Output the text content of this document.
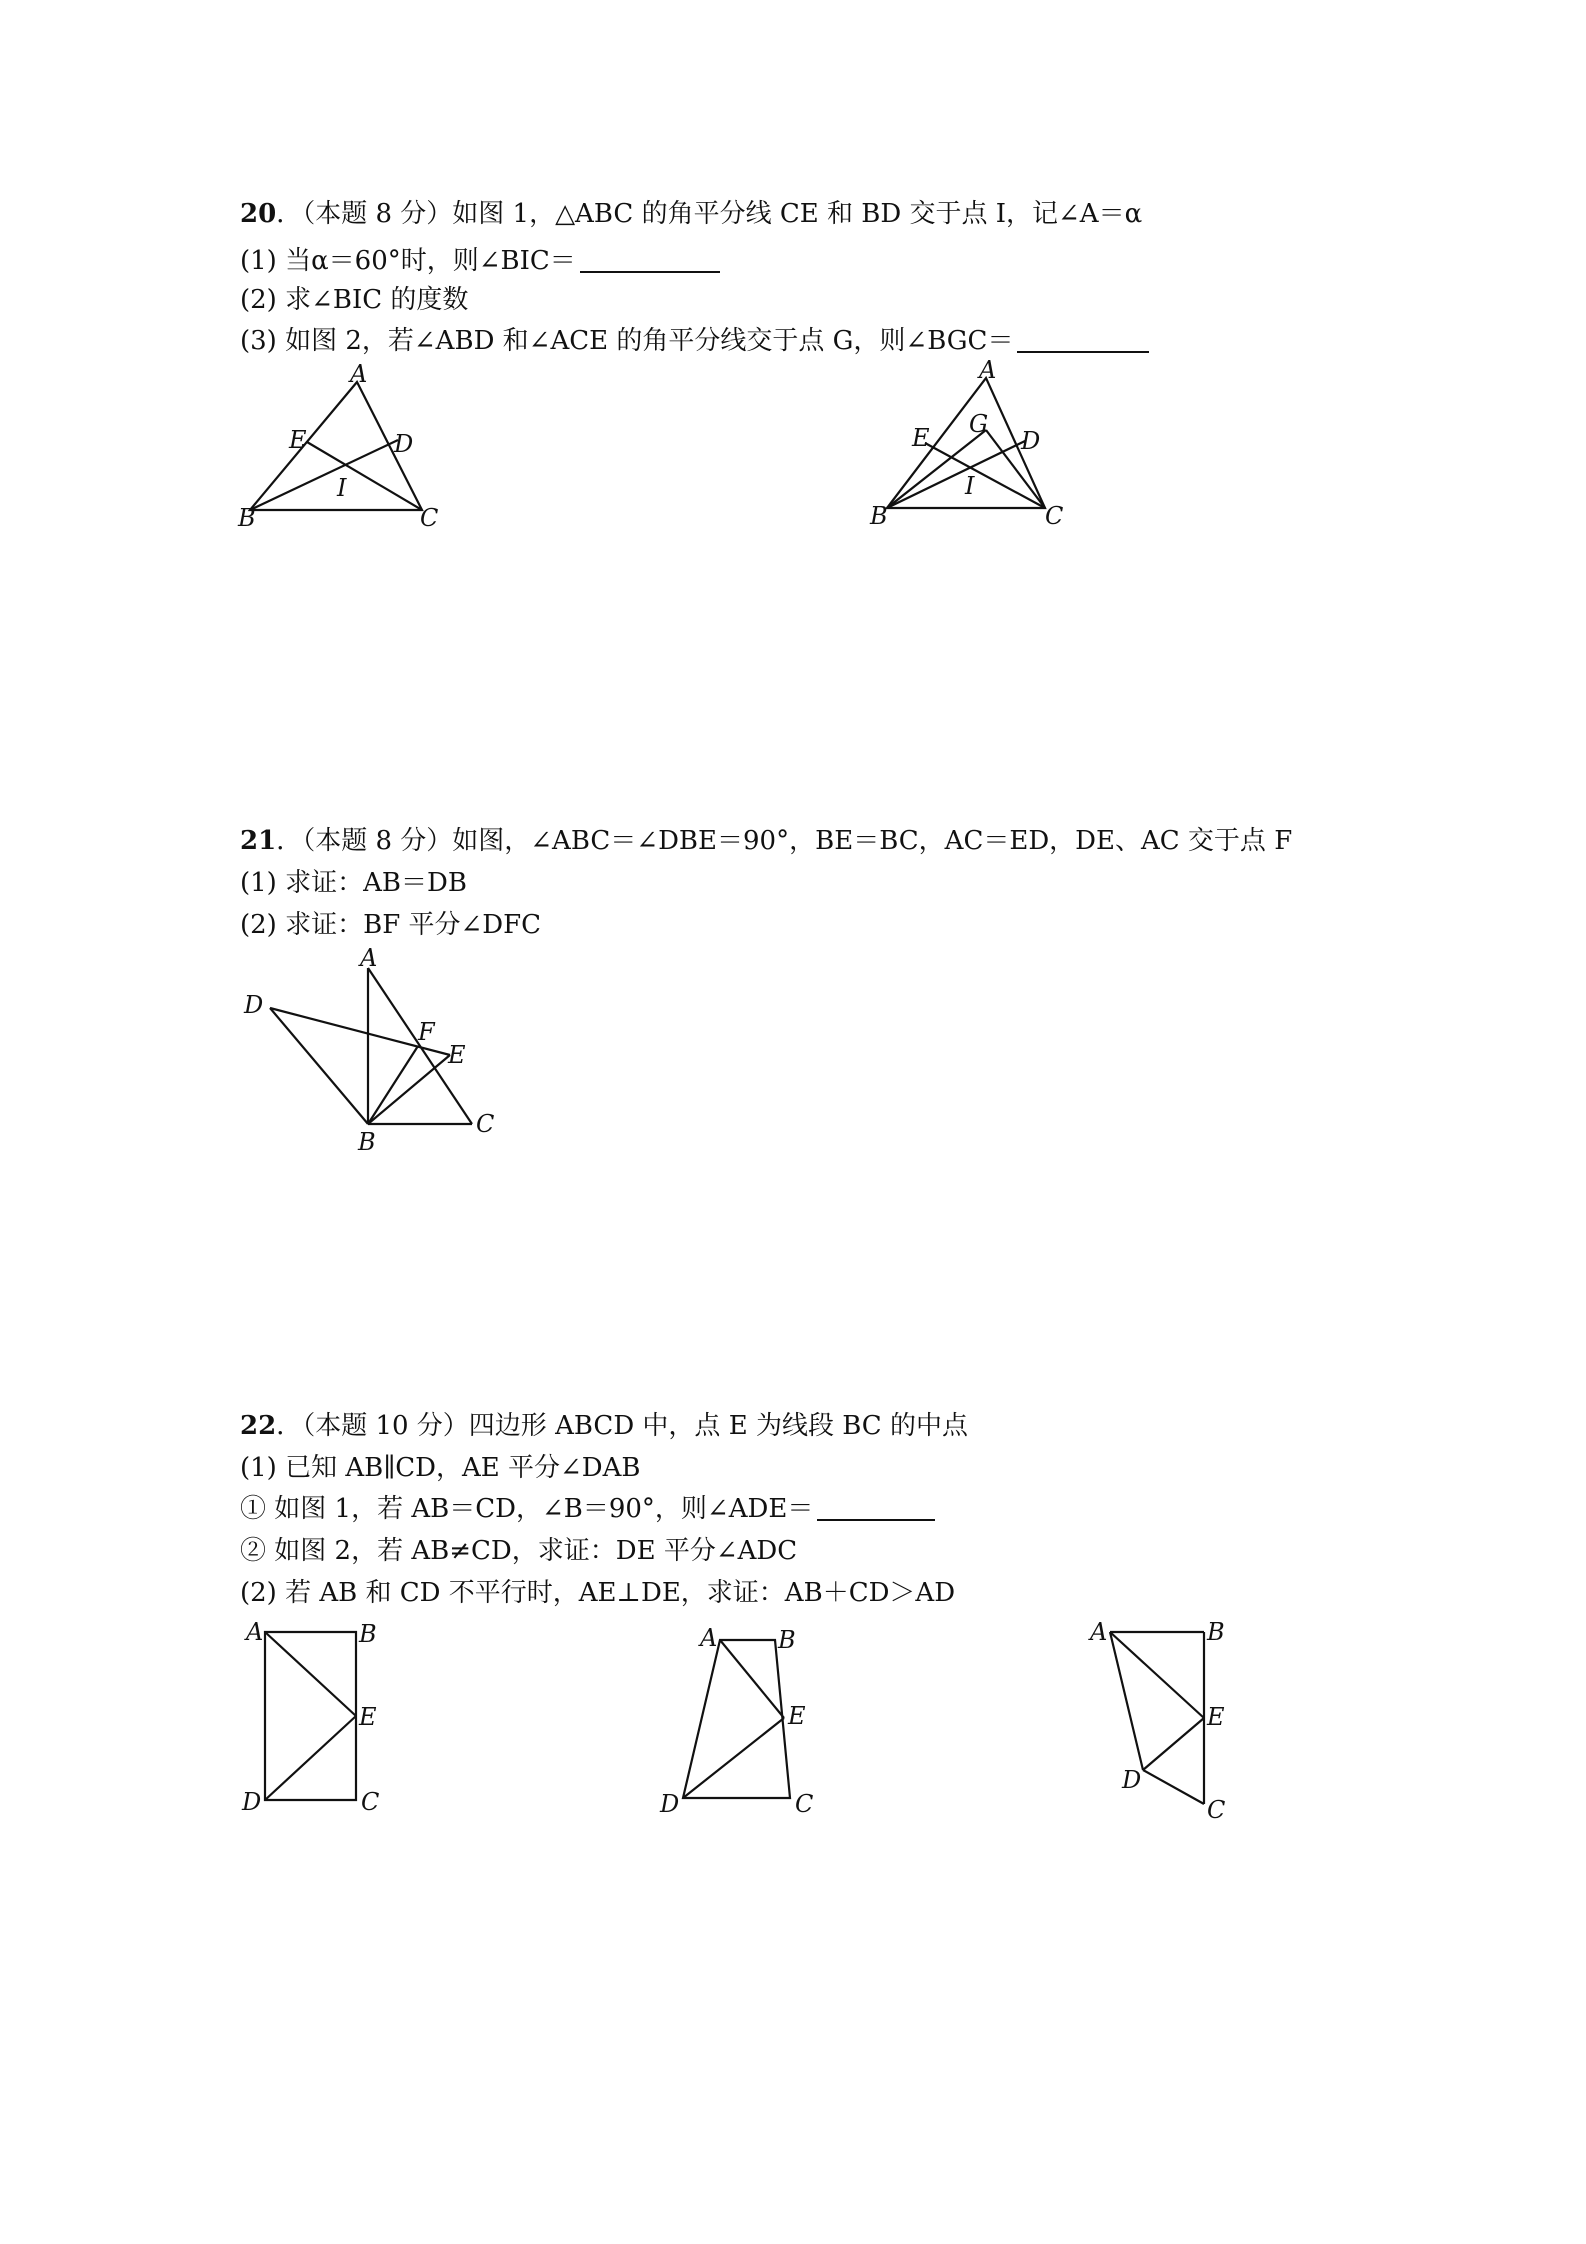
20．（本题 8 分）如图 1，△ABC 的角平分线 CE 和 BD 交于点 I，记∠A＝α
(1) 当α＝60°时，则∠BIC＝
(2) 求∠BIC 的度数
(3) 如图 2，若∠ABD 和∠ACE 的角平分线交于点 G，则∠BGC＝
A
E	D
I
B	C
A
E G
D
I
B	C
21．（本题 8 分）如图，∠ABC＝∠DBE＝90°，BE＝BC，AC＝ED，DE、AC 交于点 F
(1) 求证：AB＝DB
(2) 求证：BF 平分∠DFC
A
D
F
E
B
C
22．（本题 10 分）四边形 ABCD 中，点 E 为线段 BC 的中点
(1) 已知 AB∥CD，AE 平分∠DAB
① 如图 1，若 AB＝CD，∠B＝90°，则∠ADE＝
② 如图 2，若 AB≠CD，求证：DE 平分∠ADC
(2) 若 AB 和 CD 不平行时，AE⊥DE，求证：AB＋CD＞AD
A	B
E
D	C
A	B
E
D	C
A	B
E
D
C
